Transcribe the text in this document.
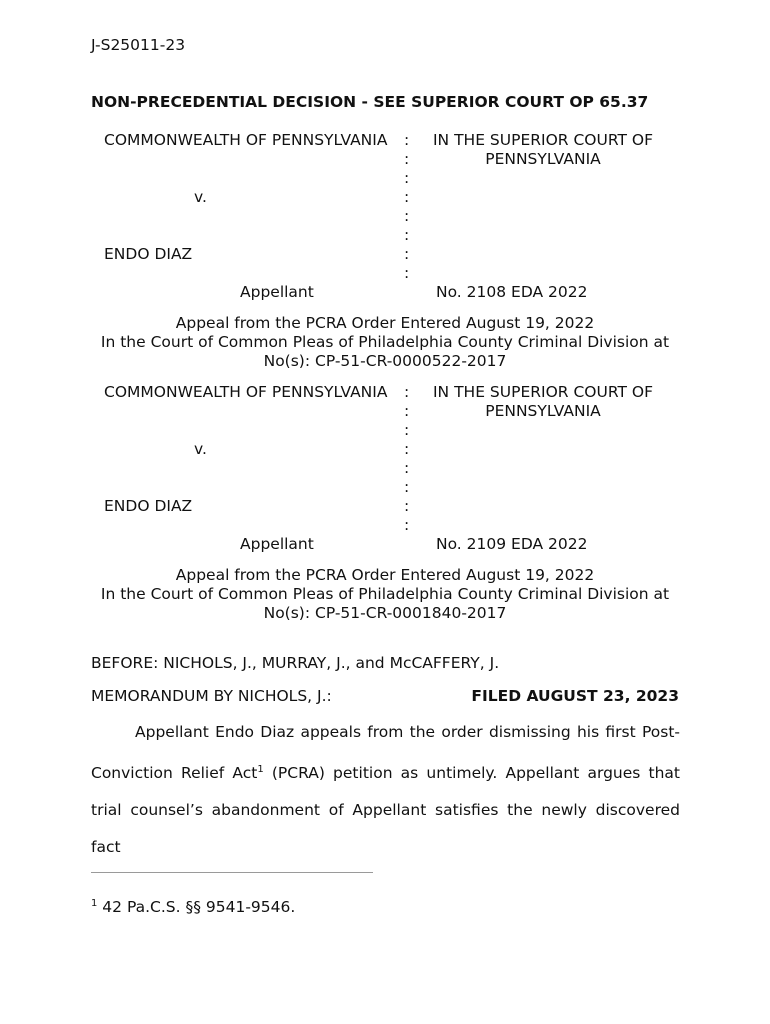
J-S25011-23
NON-PRECEDENTIAL DECISION - SEE SUPERIOR COURT OP 65.37
COMMONWEALTH OF PENNSYLVANIA
v.
ENDO DIAZ
Appellant
:
:
:
:
:
:
:
:
IN THE SUPERIOR COURT OF
PENNSYLVANIA
No. 2108 EDA 2022
Appeal from the PCRA Order Entered August 19, 2022
In the Court of Common Pleas of Philadelphia County Criminal Division at
No(s): CP-51-CR-0000522-2017
COMMONWEALTH OF PENNSYLVANIA
v.
ENDO DIAZ
Appellant
:
:
:
:
:
:
:
:
IN THE SUPERIOR COURT OF
PENNSYLVANIA
No. 2109 EDA 2022
Appeal from the PCRA Order Entered August 19, 2022
In the Court of Common Pleas of Philadelphia County Criminal Division at
No(s): CP-51-CR-0001840-2017
BEFORE: NICHOLS, J., MURRAY, J., and McCAFFERY, J.
MEMORANDUM BY NICHOLS, J.:	FILED AUGUST 23, 2023
Appellant Endo Diaz appeals from the order dismissing his first Post-Conviction Relief Act$^1$ (PCRA) petition as untimely. Appellant argues that trial counsel’s abandonment of Appellant satisfies the newly discovered fact
$^1$ 42 Pa.C.S. §§ 9541-9546.
